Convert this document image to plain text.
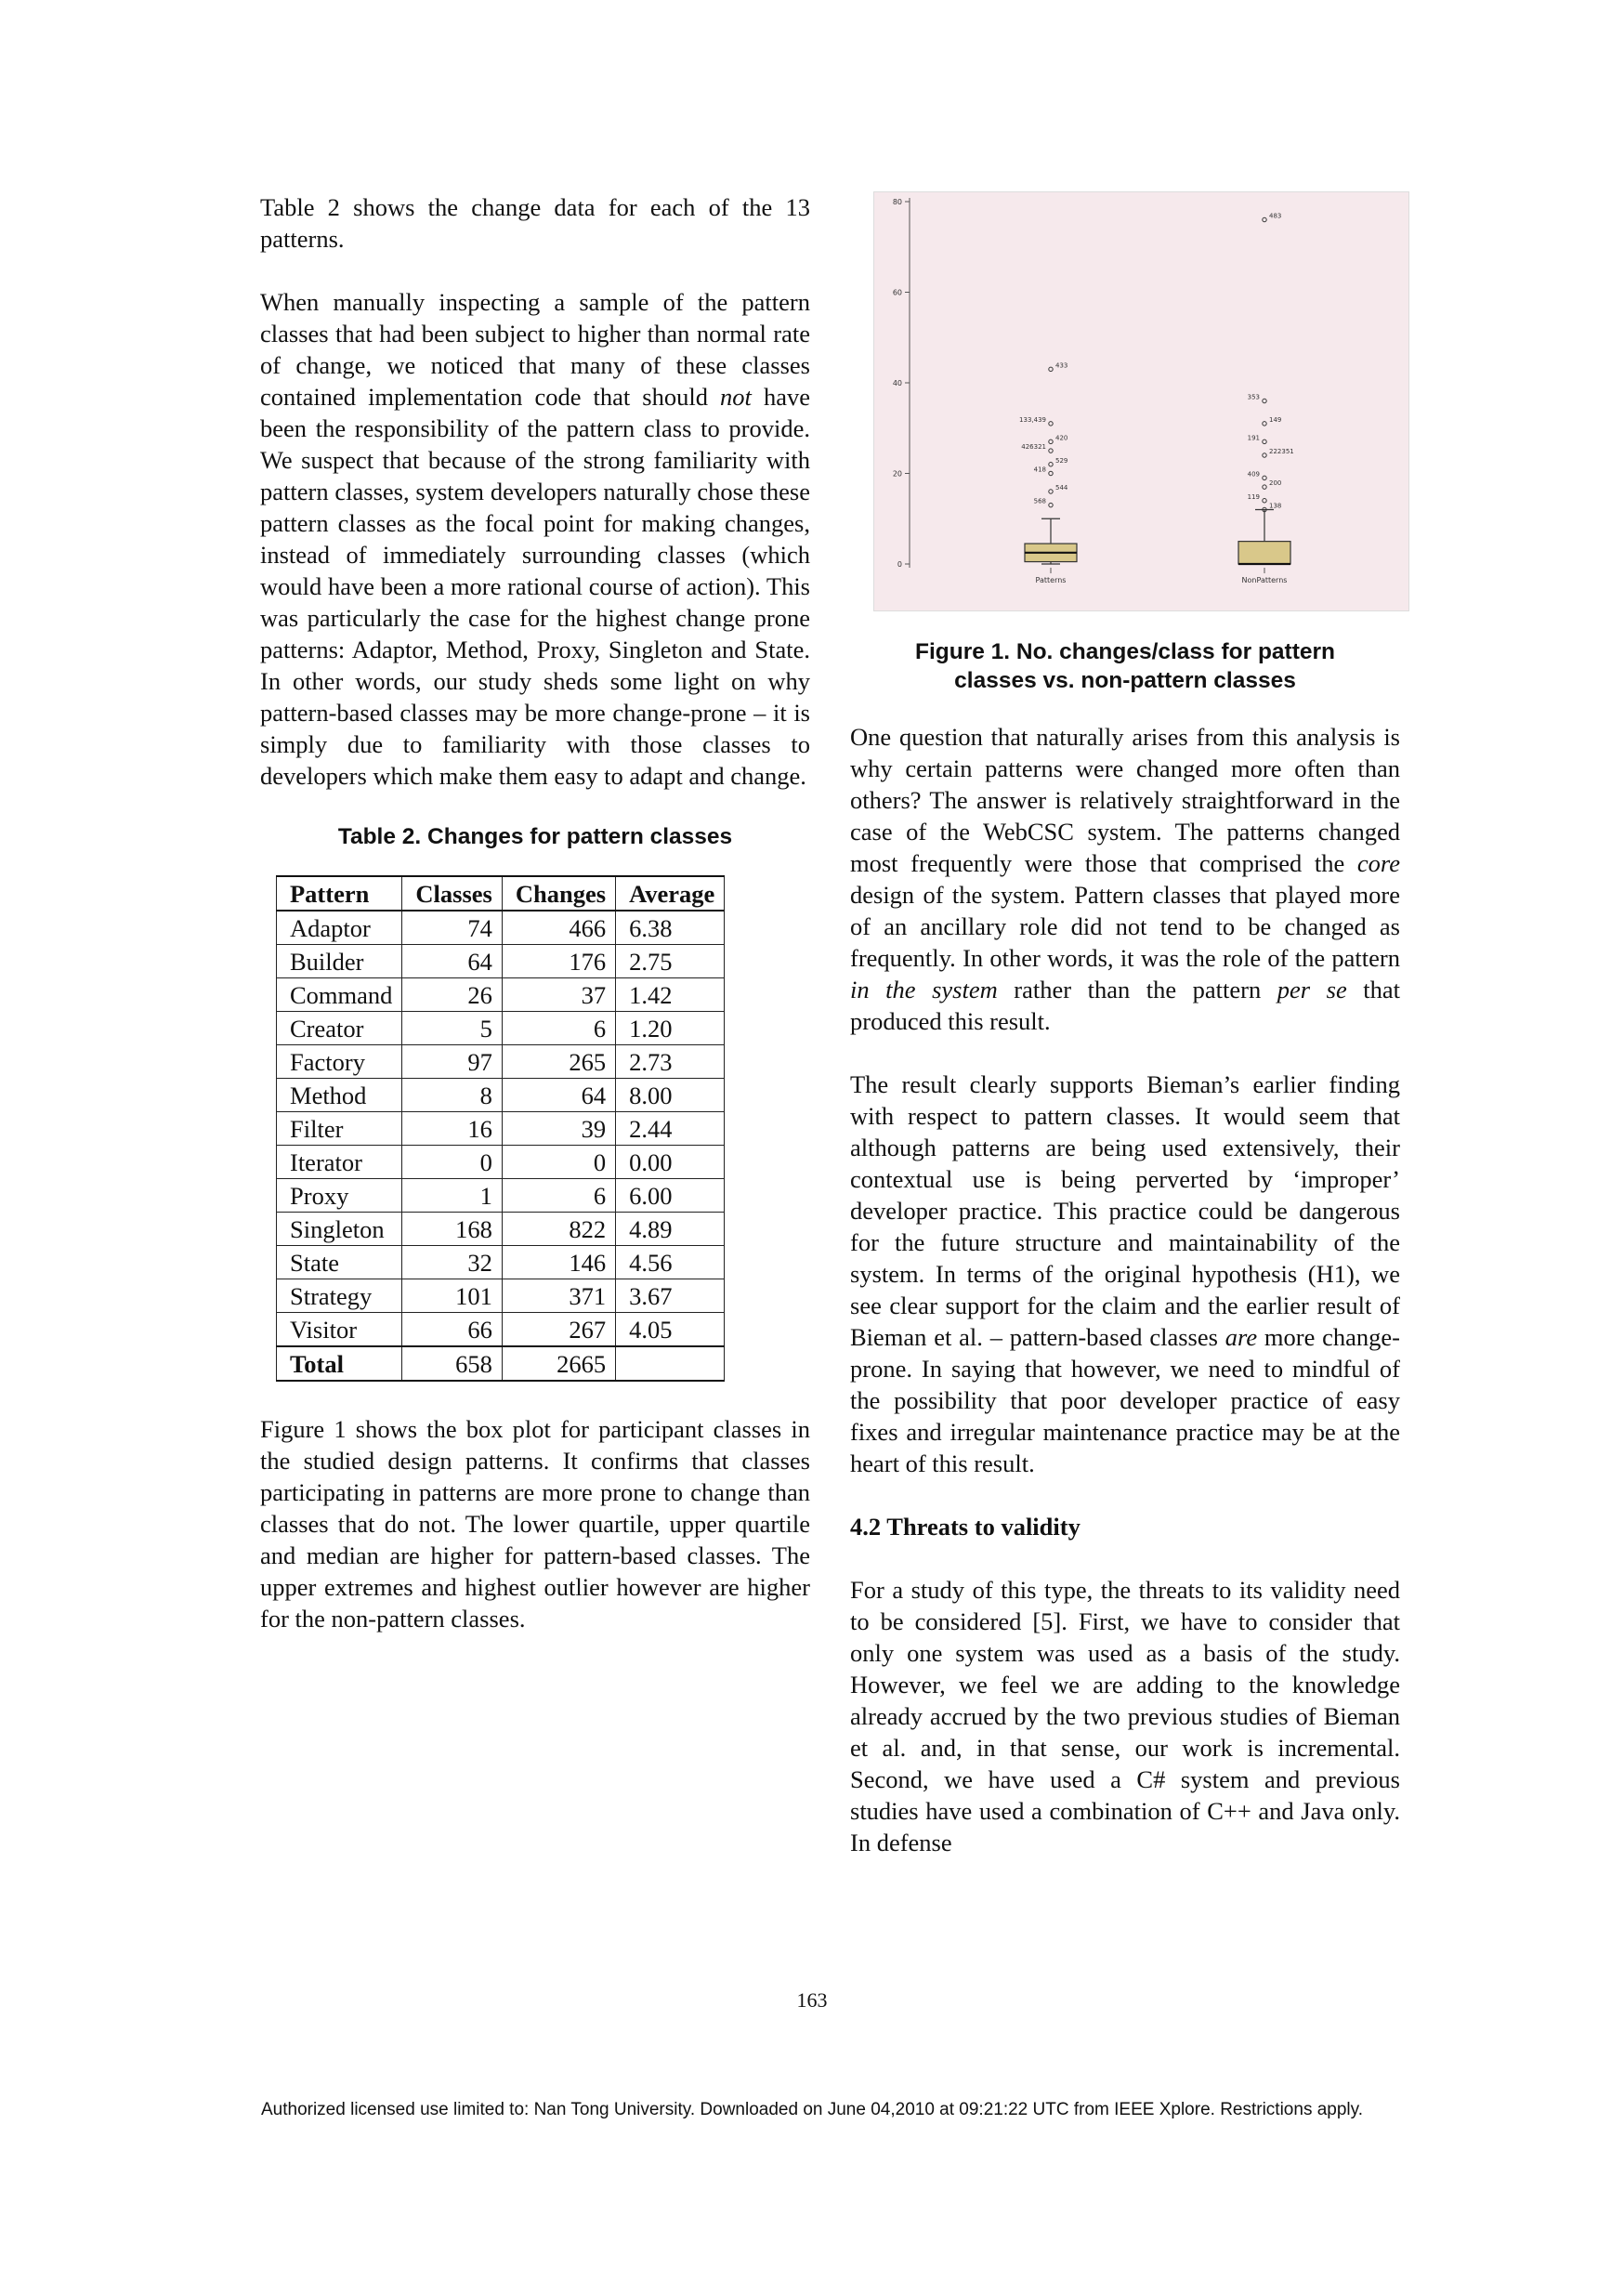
Table 2 shows the change data for each of the 13 patterns.

When manually inspecting a sample of the pattern classes that had been subject to higher than normal rate of change, we noticed that many of these classes contained implementation code that should not have been the responsibility of the pattern class to provide. We suspect that because of the strong familiarity with pattern classes, system developers naturally chose these pattern classes as the focal point for making changes, instead of immediately surrounding classes (which would have been a more rational course of action). This was particularly the case for the highest change prone patterns: Adaptor, Method, Proxy, Singleton and State. In other words, our study sheds some light on why pattern-based classes may be more change-prone – it is simply due to familiarity with those classes to developers which make them easy to adapt and change.

Table 2. Changes for pattern classes
Pattern	Classes	Changes	Average
Adaptor	74	466	6.38
Builder	64	176	2.75
Command	26	37	1.42
Creator	5	6	1.20
Factory	97	265	2.73
Method	8	64	8.00
Filter	16	39	2.44
Iterator	0	0	0.00
Proxy	1	6	6.00
Singleton	168	822	4.89
State	32	146	4.56
Strategy	101	371	3.67
Visitor	66	267	4.05
Total	658	2665	

Figure 1 shows the box plot for participant classes in the studied design patterns. It confirms that classes participating in patterns are more prone to change than classes that do not. The lower quartile, upper quartile and median are higher for pattern-based classes. The upper extremes and highest outlier however are higher for the non-pattern classes.

0
20
40
60
80
433
133,439
420
426321
529
418
544
568
Patterns
483
353
149
191
222351
409
200
119
138
NonPatterns
Figure 1. No. changes/class for pattern
classes vs. non-pattern classes

One question that naturally arises from this analysis is why certain patterns were changed more often than others? The answer is relatively straightforward in the case of the WebCSC system. The patterns changed most frequently were those that comprised the core design of the system. Pattern classes that played more of an ancillary role did not tend to be changed as frequently. In other words, it was the role of the pattern in the system rather than the pattern per se that produced this result.

The result clearly supports Bieman’s earlier finding with respect to pattern classes. It would seem that although patterns are being used extensively, their contextual use is being perverted by ‘improper’ developer practice. This practice could be dangerous for the future structure and maintainability of the system. In terms of the original hypothesis (H1), we see clear support for the claim and the earlier result of Bieman et al. – pattern-based classes are more change-prone. In saying that however, we need to mindful of the possibility that poor developer practice of easy fixes and irregular maintenance practice may be at the heart of this result.

4.2 Threats to validity

For a study of this type, the threats to its validity need to be considered [5]. First, we have to consider that only one system was used as a basis of the study. However, we feel we are adding to the knowledge already accrued by the two previous studies of Bieman et al. and, in that sense, our work is incremental. Second, we have used a C# system and previous studies have used a combination of C++ and Java only. In defense

163
Authorized licensed use limited to: Nan Tong University. Downloaded on June 04,2010 at 09:21:22 UTC from IEEE Xplore. Restrictions apply.
